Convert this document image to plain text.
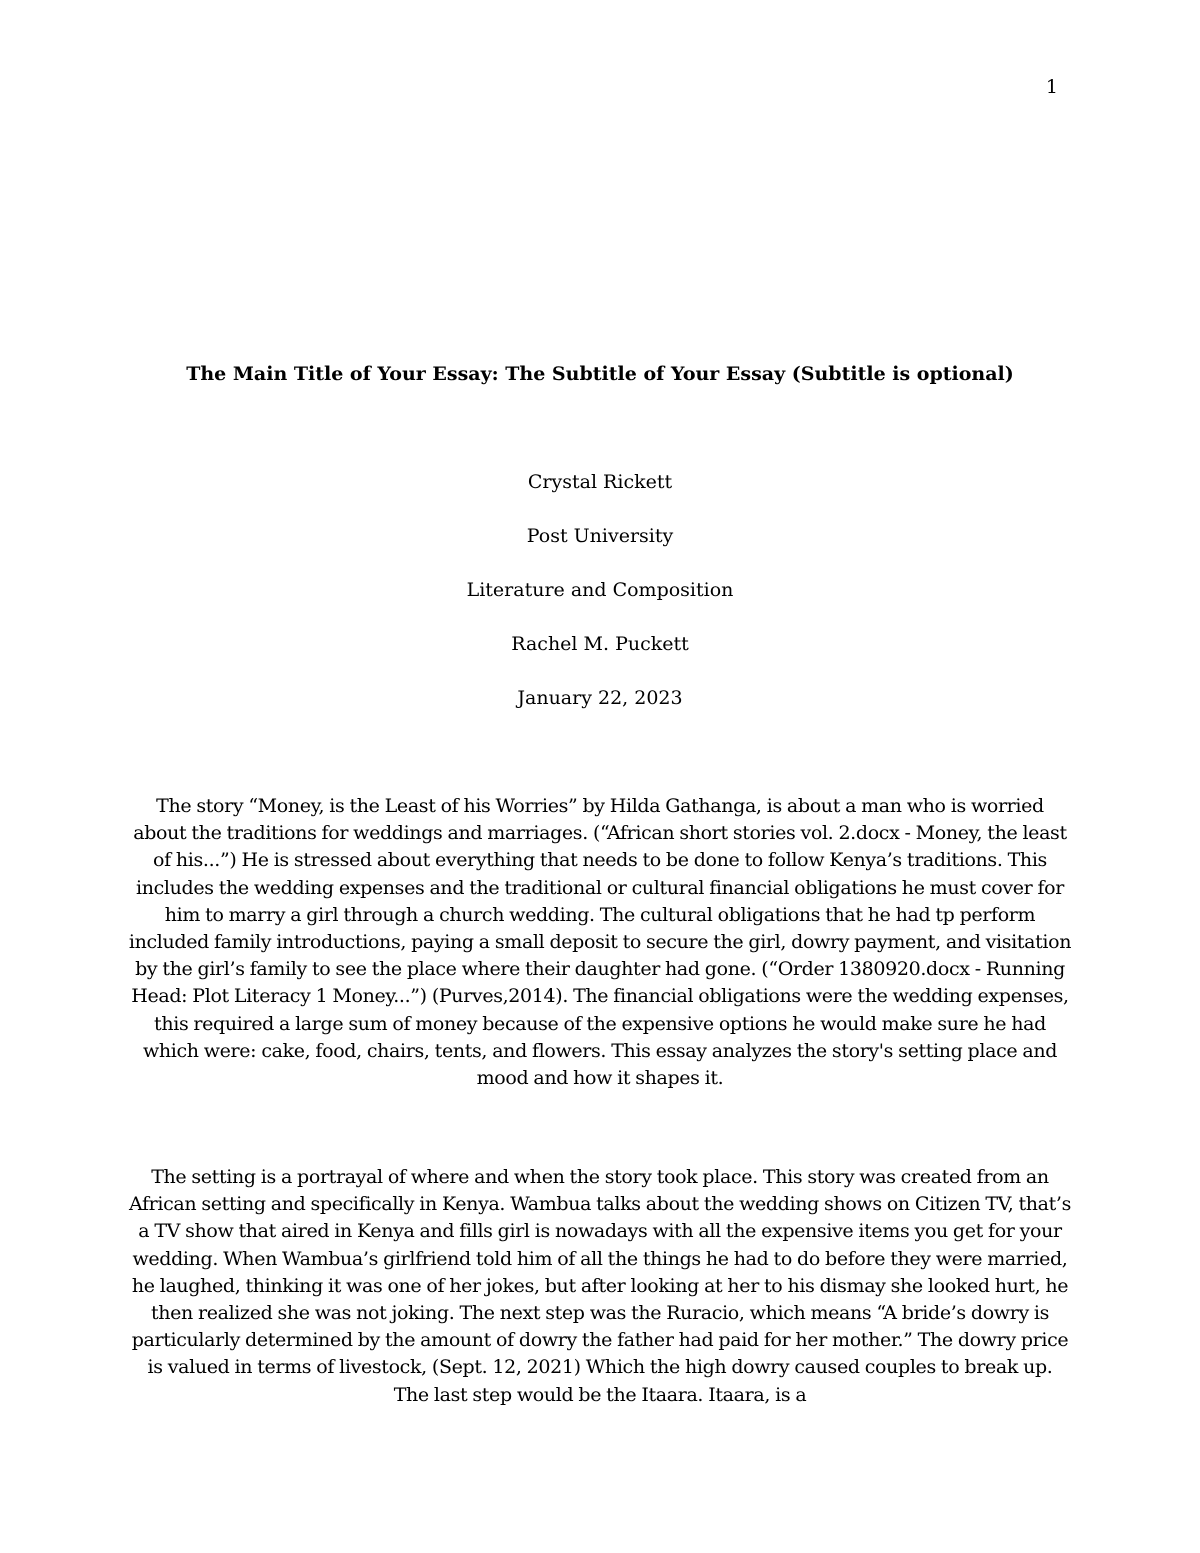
1
The Main Title of Your Essay: The Subtitle of Your Essay (Subtitle is optional)
Crystal Rickett
Post University
Literature and Composition
Rachel M. Puckett
January 22, 2023
The story “Money, is the Least of his Worries” by Hilda Gathanga, is about a man who is worried about the traditions for weddings and marriages. (“African short stories vol. 2.docx - Money, the least of his...”) He is stressed about everything that needs to be done to follow Kenya’s traditions. This includes the wedding expenses and the traditional or cultural financial obligations he must cover for him to marry a girl through a church wedding. The cultural obligations that he had tp perform included family introductions, paying a small deposit to secure the girl, dowry payment, and visitation by the girl’s family to see the place where their daughter had gone. (“Order 1380920.docx - Running Head: Plot Literacy 1 Money...”) (Purves,2014). The financial obligations were the wedding expenses, this required a large sum of money because of the expensive options he would make sure he had which were: cake, food, chairs, tents, and flowers. This essay analyzes the story's setting place and mood and how it shapes it.
The setting is a portrayal of where and when the story took place. This story was created from an African setting and specifically in Kenya. Wambua talks about the wedding shows on Citizen TV, that’s a TV show that aired in Kenya and fills girl is nowadays with all the expensive items you get for your wedding. When Wambua’s girlfriend told him of all the things he had to do before they were married, he laughed, thinking it was one of her jokes, but after looking at her to his dismay she looked hurt, he then realized she was not joking. The next step was the Ruracio, which means “A bride’s dowry is particularly determined by the amount of dowry the father had paid for her mother.” The dowry price is valued in terms of livestock, (Sept. 12, 2021) Which the high dowry caused couples to break up. The last step would be the Itaara. Itaara, is a
